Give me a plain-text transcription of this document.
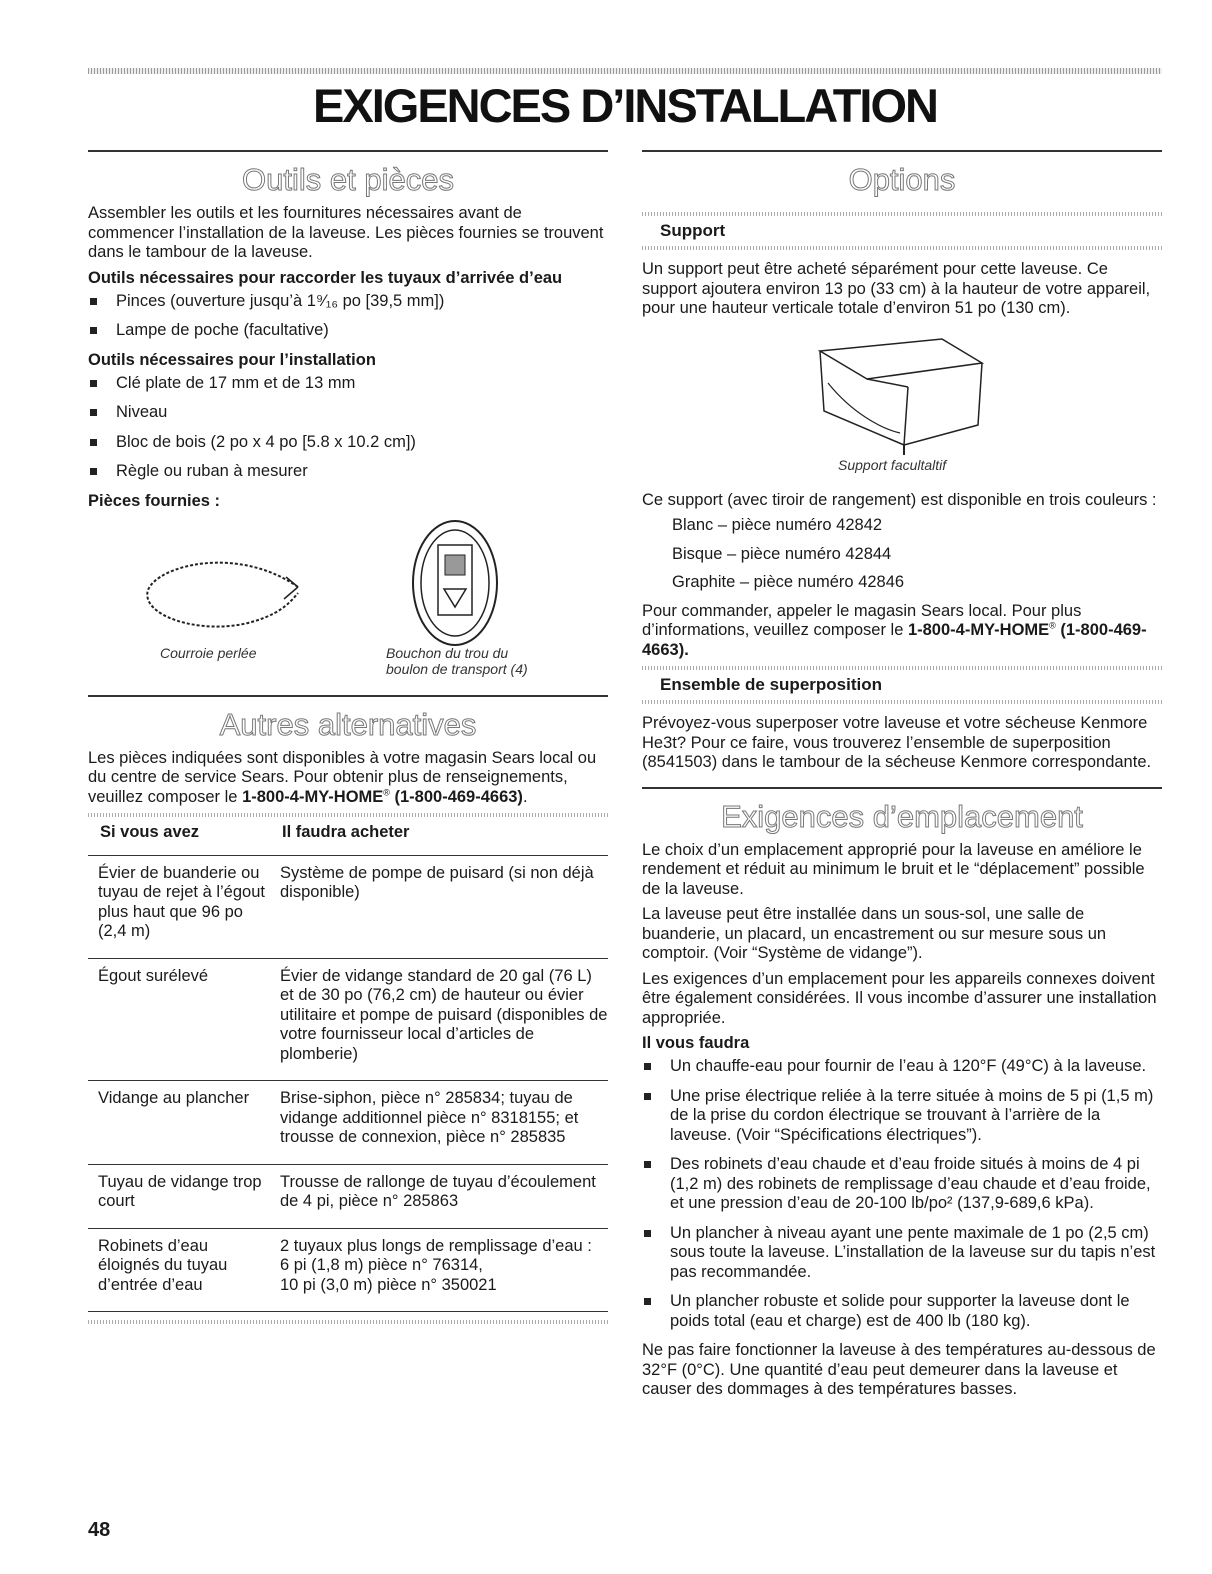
EXIGENCES D’INSTALLATION
Outils et pièces

Assembler les outils et les fournitures nécessaires avant de commencer l’installation de la laveuse. Les pièces fournies se trouvent dans le tambour de la laveuse.

Outils nécessaires pour raccorder les tuyaux d’arrivée d’eau
Pinces (ouverture jusqu’à 1⁹⁄₁₆ po [39,5 mm])
Lampe de poche (facultative)
Outils nécessaires pour l’installation
Clé plate de 17 mm et de 13 mm
Niveau
Bloc de bois (2 po x 4 po [5.8 x 10.2 cm])
Règle ou ruban à mesurer
Pièces fournies :
Courroie perlée	Bouchon du trou du
boulon de transport (4)
Autres alternatives

Les pièces indiquées sont disponibles à votre magasin Sears local ou du centre de service Sears. Pour obtenir plus de renseignements, veuillez composer le 1-800-4-MY-HOME® (1-800-469-4663).

Si vous avez	Il faudra acheter
Évier de buanderie ou tuyau de rejet à l’égout plus haut que 96 po (2,4 m)	Système de pompe de puisard (si non déjà disponible)
Égout surélevé	Évier de vidange standard de 20 gal (76 L) et de 30 po (76,2 cm) de hauteur ou évier utilitaire et pompe de puisard (disponibles de votre fournisseur local d’articles de plomberie)
Vidange au plancher	Brise-siphon, pièce n° 285834; tuyau de vidange additionnel pièce n° 8318155; et trousse de connexion, pièce n° 285835
Tuyau de vidange trop court	Trousse de rallonge de tuyau d’écoulement de 4 pi, pièce n° 285863
Robinets d’eau éloignés du tuyau d’entrée d’eau	2 tuyaux plus longs de remplissage d’eau :
6 pi (1,8 m) pièce n° 76314,
10 pi (3,0 m) pièce n° 350021
Options
Support

Un support peut être acheté séparément pour cette laveuse. Ce support ajoutera environ 13 po (33 cm) à la hauteur de votre appareil, pour une hauteur verticale totale d’environ 51 po (130 cm).

Support facultaltif

Ce support (avec tiroir de rangement) est disponible en trois couleurs :

Blanc – pièce numéro 42842
Bisque – pièce numéro 42844
Graphite – pièce numéro 42846

Pour commander, appeler le magasin Sears local. Pour plus d’informations, veuillez composer le 1-800-4-MY-HOME® (1-800-469-4663).

Ensemble de superposition

Prévoyez-vous superposer votre laveuse et votre sécheuse Kenmore He3t? Pour ce faire, vous trouverez l’ensemble de superposition (8541503) dans le tambour de la sécheuse Kenmore correspondante.

Exigences d’emplacement

Le choix d’un emplacement approprié pour la laveuse en améliore le rendement et réduit au minimum le bruit et le “déplacement” possible de la laveuse.

La laveuse peut être installée dans un sous-sol, une salle de buanderie, un placard, un encastrement ou sur mesure sous un comptoir. (Voir “Système de vidange”).

Les exigences d’un emplacement pour les appareils connexes doivent être également considérées. Il vous incombe d’assurer une installation appropriée.

Il vous faudra
Un chauffe-eau pour fournir de l’eau à 120°F (49°C) à la laveuse.
Une prise électrique reliée à la terre située à moins de 5 pi (1,5 m) de la prise du cordon électrique se trouvant à l’arrière de la laveuse. (Voir “Spécifications électriques”).
Des robinets d’eau chaude et d’eau froide situés à moins de 4 pi (1,2 m) des robinets de remplissage d’eau chaude et d’eau froide, et une pression d’eau de 20-100 lb/po² (137,9-689,6 kPa).
Un plancher à niveau ayant une pente maximale de 1 po (2,5 cm) sous toute la laveuse. L’installation de la laveuse sur du tapis n’est pas recommandée.
Un plancher robuste et solide pour supporter la laveuse dont le poids total (eau et charge) est de 400 lb (180 kg).

Ne pas faire fonctionner la laveuse à des températures au-dessous de 32°F (0°C). Une quantité d’eau peut demeurer dans la laveuse et causer des dommages à des températures basses.

48
